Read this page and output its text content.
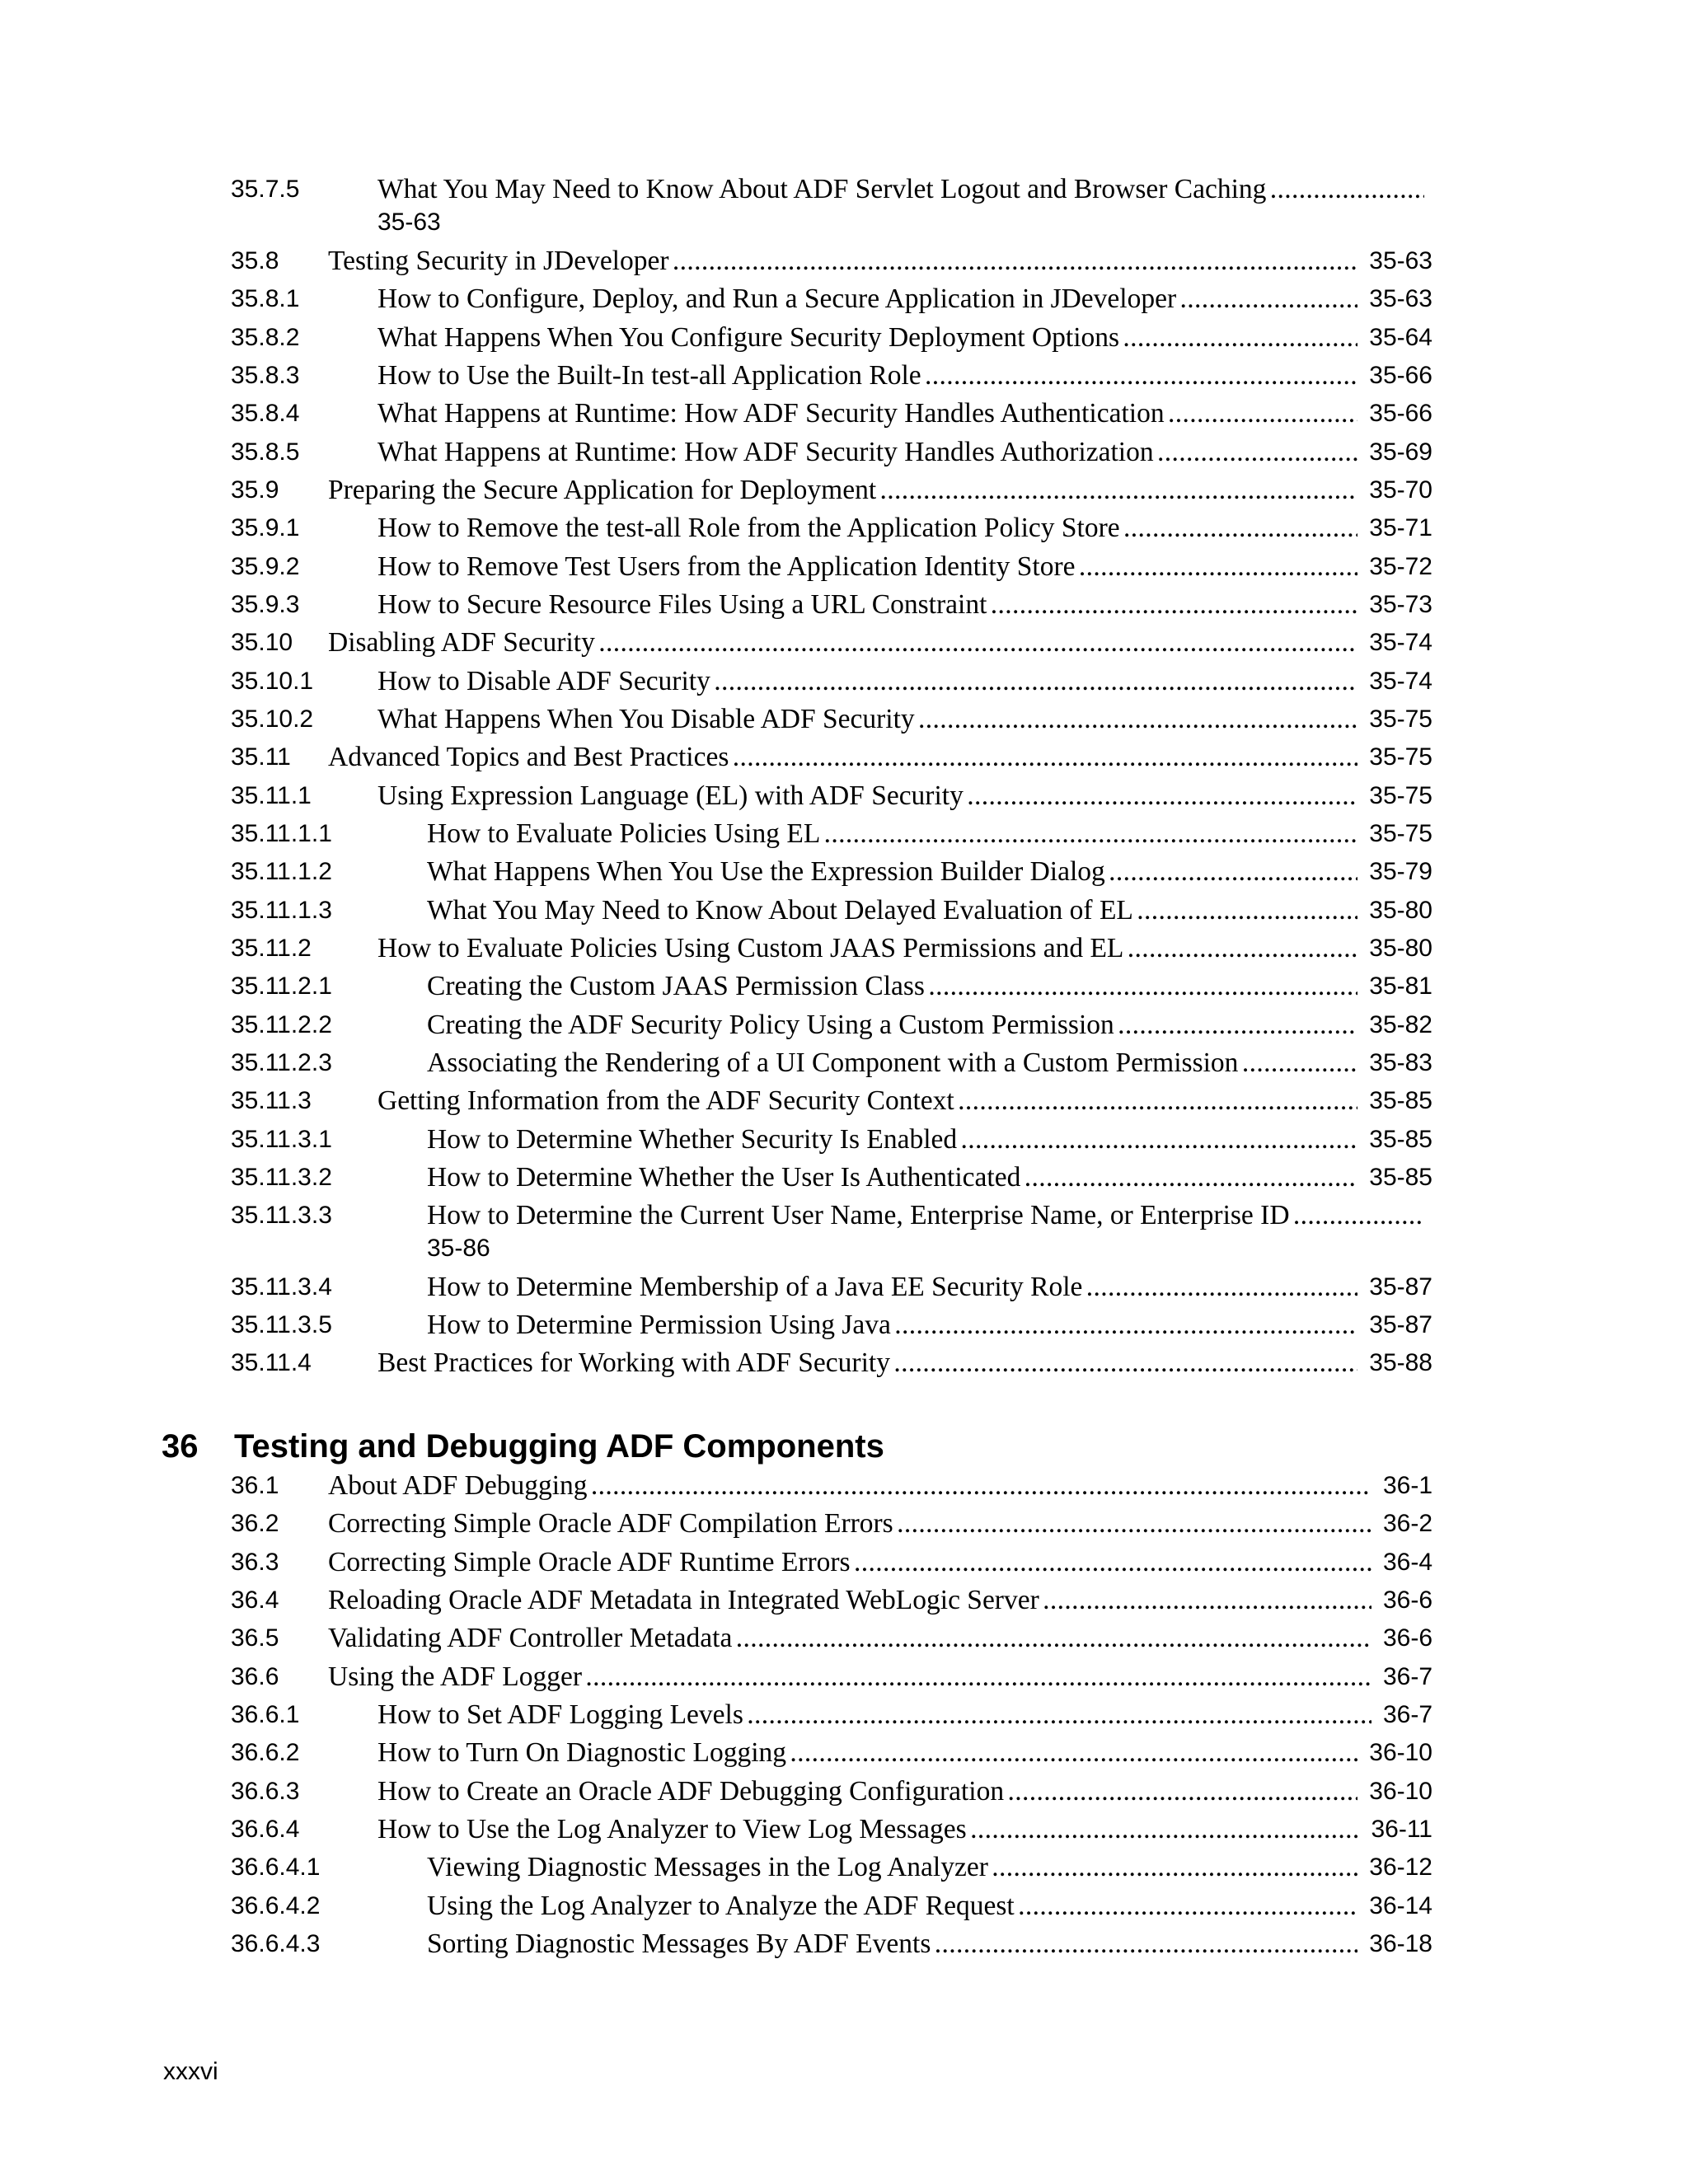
35.7.5	What You May Need to Know About ADF Servlet Logout and Browser Caching . . .
35-63
35.8 Testing Security in JDeveloper . . .	35-63
35.8.1	How to Configure, Deploy, and Run a Secure Application in JDeveloper . . .	35-63
35.8.2	What Happens When You Configure Security Deployment Options . . .	35-64
35.8.3	How to Use the Built-In test-all Application Role . . .	35-66
35.8.4	What Happens at Runtime: How ADF Security Handles Authentication . . .	35-66
35.8.5	What Happens at Runtime: How ADF Security Handles Authorization . . .	35-69
35.9 Preparing the Secure Application for Deployment . . .	35-70
35.9.1	How to Remove the test-all Role from the Application Policy Store . . .	35-71
35.9.2	How to Remove Test Users from the Application Identity Store . . .	35-72
35.9.3	How to Secure Resource Files Using a URL Constraint . . .	35-73
35.10 Disabling ADF Security . . .	35-74
35.10.1 How to Disable ADF Security . . .	35-74
35.10.2 What Happens When You Disable ADF Security . . .	35-75
35.11 Advanced Topics and Best Practices . . .	35-75
35.11.1 Using Expression Language (EL) with ADF Security . . .	35-75
35.11.1.1	How to Evaluate Policies Using EL . . .	35-75
35.11.1.2	What Happens When You Use the Expression Builder Dialog . . .	35-79
35.11.1.3	What You May Need to Know About Delayed Evaluation of EL . . .	35-80
35.11.2 How to Evaluate Policies Using Custom JAAS Permissions and EL . . .	35-80
35.11.2.1	Creating the Custom JAAS Permission Class . . .	35-81
35.11.2.2	Creating the ADF Security Policy Using a Custom Permission . . .	35-82
35.11.2.3	Associating the Rendering of a UI Component with a Custom Permission . . .	35-83
35.11.3 Getting Information from the ADF Security Context . . .	35-85
35.11.3.1	How to Determine Whether Security Is Enabled . . .	35-85
35.11.3.2	How to Determine Whether the User Is Authenticated . . .	35-85
35.11.3.3	How to Determine the Current User Name, Enterprise Name, or Enterprise ID . . .
35-86
35.11.3.4	How to Determine Membership of a Java EE Security Role . . .	35-87
35.11.3.5	How to Determine Permission Using Java . . .	35-87
35.11.4 Best Practices for Working with ADF Security . . .	35-88
36 Testing and Debugging ADF Components
36.1 About ADF Debugging . . .	36-1
36.2 Correcting Simple Oracle ADF Compilation Errors . . .	36-2
36.3 Correcting Simple Oracle ADF Runtime Errors . . .	36-4
36.4 Reloading Oracle ADF Metadata in Integrated WebLogic Server . . .	36-6
36.5 Validating ADF Controller Metadata . . .	36-6
36.6 Using the ADF Logger . . .	36-7
36.6.1	How to Set ADF Logging Levels . . .	36-7
36.6.2	How to Turn On Diagnostic Logging . . .	36-10
36.6.3	How to Create an Oracle ADF Debugging Configuration . . .	36-10
36.6.4	How to Use the Log Analyzer to View Log Messages . . .	36-11
36.6.4.1	Viewing Diagnostic Messages in the Log Analyzer . . .	36-12
36.6.4.2	Using the Log Analyzer to Analyze the ADF Request . . .	36-14
36.6.4.3	Sorting Diagnostic Messages By ADF Events . . .	36-18
xxxvi
